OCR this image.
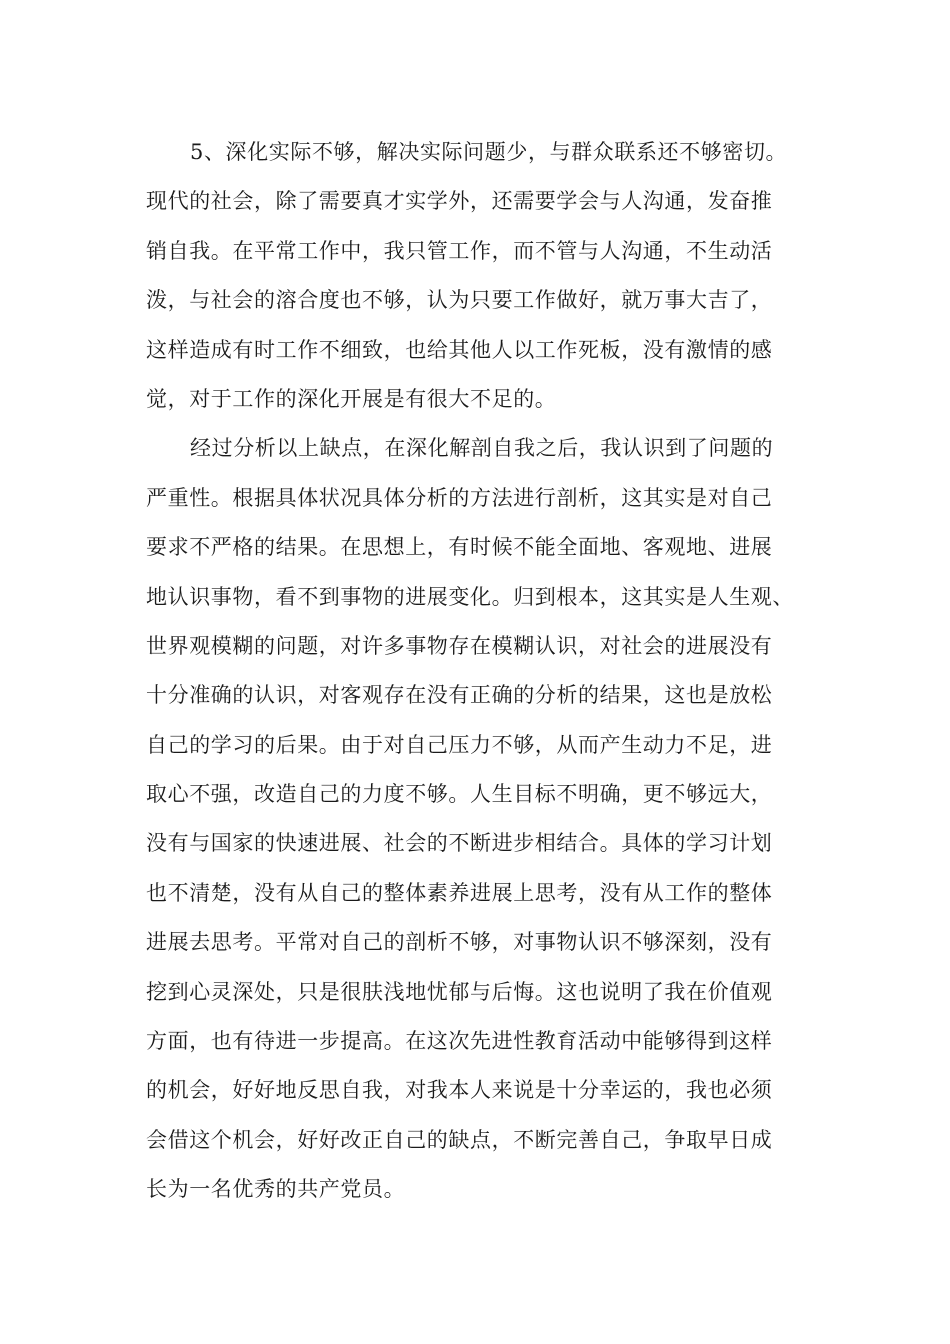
5、深化实际不够，解决实际问题少，与群众联系还不够密切。
现代的社会，除了需要真才实学外，还需要学会与人沟通，发奋推
销自我。在平常工作中，我只管工作，而不管与人沟通，不生动活
泼，与社会的溶合度也不够，认为只要工作做好，就万事大吉了，
这样造成有时工作不细致，也给其他人以工作死板，没有激情的感
觉，对于工作的深化开展是有很大不足的。
经过分析以上缺点，在深化解剖自我之后，我认识到了问题的
严重性。根据具体状况具体分析的方法进行剖析，这其实是对自己
要求不严格的结果。在思想上，有时候不能全面地、客观地、进展
地认识事物，看不到事物的进展变化。归到根本，这其实是人生观、
世界观模糊的问题，对许多事物存在模糊认识，对社会的进展没有
十分准确的认识，对客观存在没有正确的分析的结果，这也是放松
自己的学习的后果。由于对自己压力不够，从而产生动力不足，进
取心不强，改造自己的力度不够。人生目标不明确，更不够远大，
没有与国家的快速进展、社会的不断进步相结合。具体的学习计划
也不清楚，没有从自己的整体素养进展上思考，没有从工作的整体
进展去思考。平常对自己的剖析不够，对事物认识不够深刻，没有
挖到心灵深处，只是很肤浅地忧郁与后悔。这也说明了我在价值观
方面，也有待进一步提高。在这次先进性教育活动中能够得到这样
的机会，好好地反思自我，对我本人来说是十分幸运的，我也必须
会借这个机会，好好改正自己的缺点，不断完善自己，争取早日成
长为一名优秀的共产党员。
